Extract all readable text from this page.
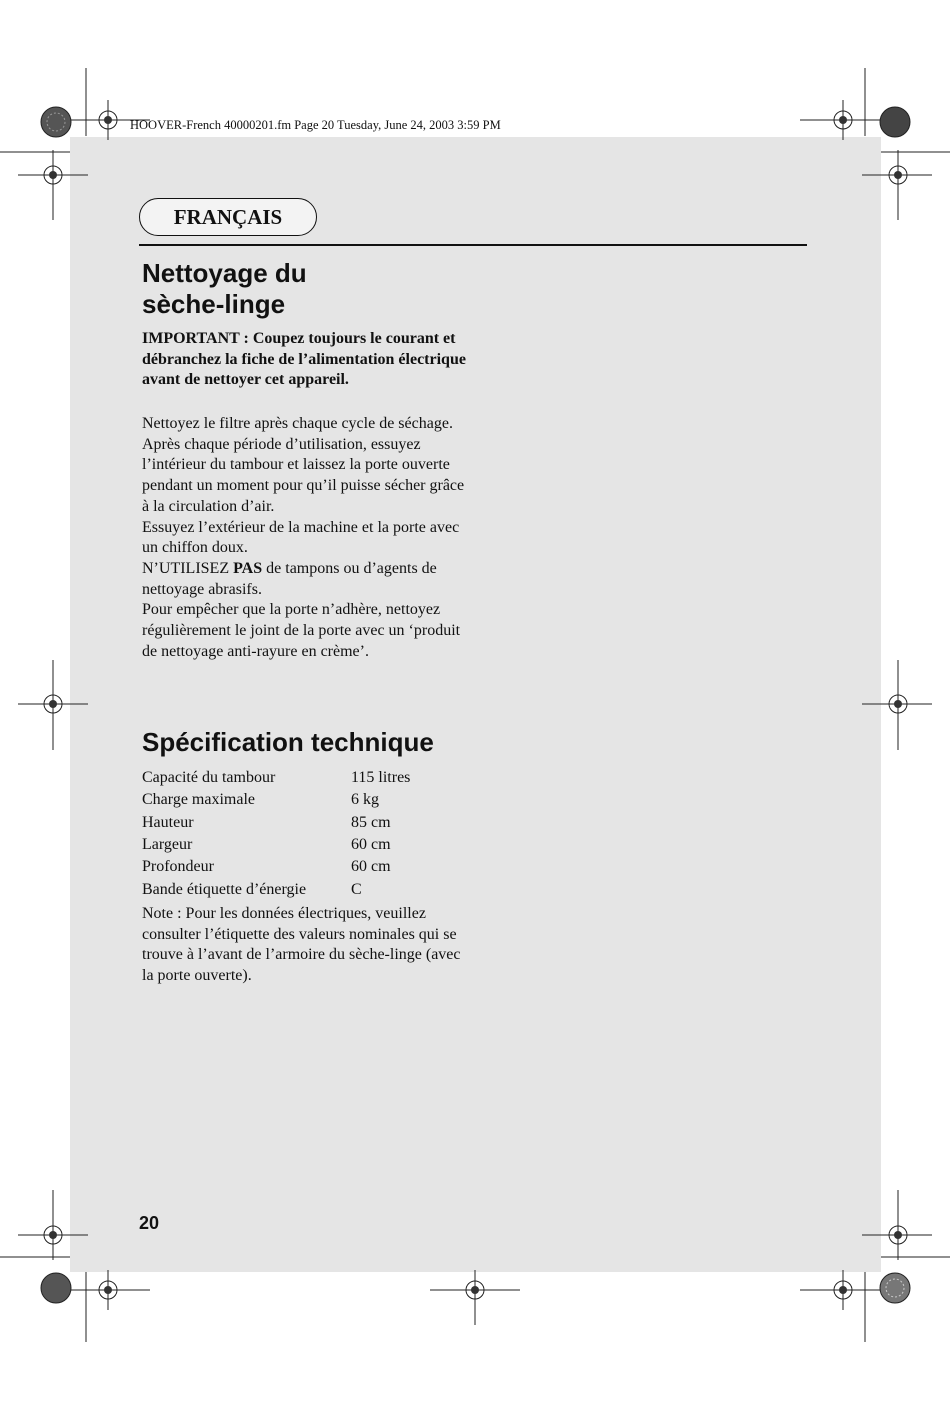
HOOVER-French 40000201.fm Page 20 Tuesday, June 24, 2003 3:59 PM
FRANÇAIS
Nettoyage du
sèche-linge
IMPORTANT : Coupez toujours le courant et débranchez la fiche de l’alimentation électrique avant de nettoyer cet appareil.

Nettoyez le filtre après chaque cycle de séchage.

Après chaque période d’utilisation, essuyez l’intérieur du tambour et laissez la porte ouverte pendant un moment pour qu’il puisse sécher grâce à la circulation d’air.

Essuyez l’extérieur de la machine et la porte avec un chiffon doux.

N’UTILISEZ PAS de tampons ou d’agents de nettoyage abrasifs.

Pour empêcher que la porte n’adhère, nettoyez régulièrement le joint de la porte avec un ‘produit de nettoyage anti-rayure en crème’.

Spécification technique
Capacité du tambour	115 litres
Charge maximale	6 kg
Hauteur	85 cm
Largeur	60 cm
Profondeur	60 cm
Bande étiquette d’énergie	C
Note : Pour les données électriques, veuillez consulter l’étiquette des valeurs nominales qui se trouve à l’avant de l’armoire du sèche-linge (avec la porte ouverte).
20
